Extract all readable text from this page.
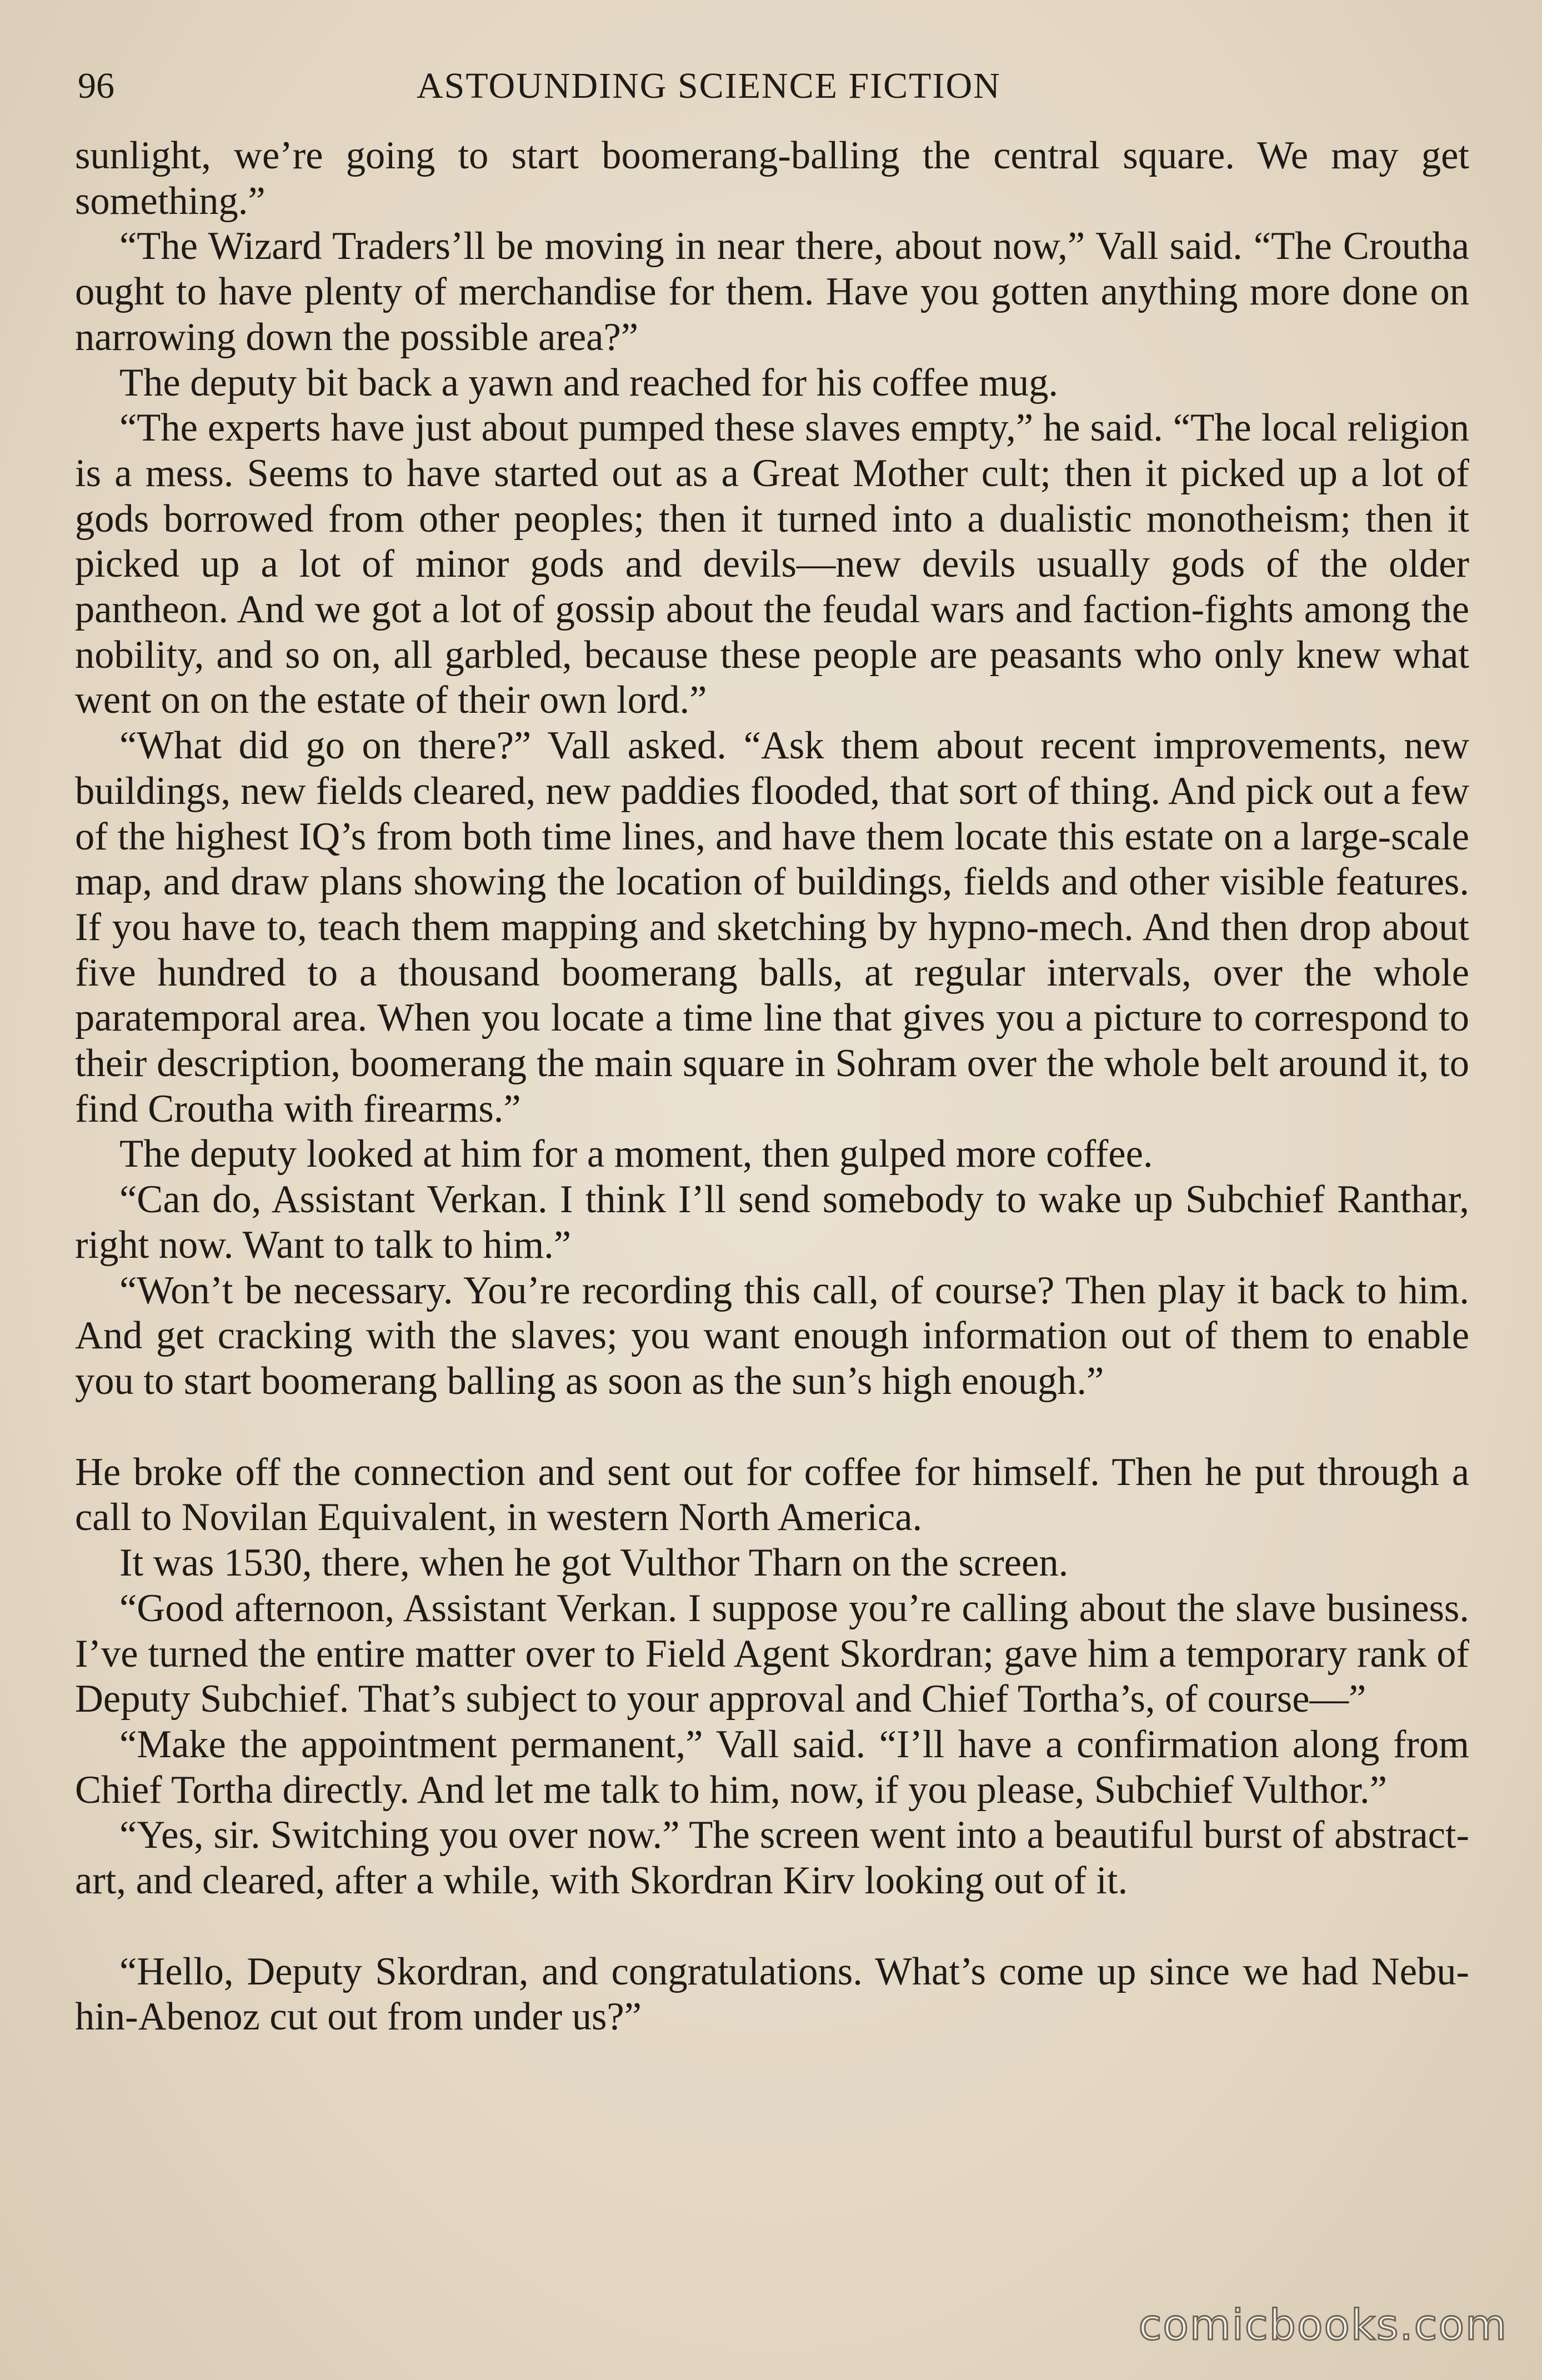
96	ASTOUNDING SCIENCE FICTION

sunlight, we’re going to start boomerang-balling the central square. We may get something.”

“The Wizard Traders’ll be moving in near there, about now,” Vall said. “The Croutha ought to have plenty of merchandise for them. Have you gotten anything more done on narrowing down the possible area?”

The deputy bit back a yawn and reached for his coffee mug.

“The experts have just about pumped these slaves empty,” he said. “The local religion is a mess. Seems to have started out as a Great Mother cult; then it picked up a lot of gods borrowed from other peoples; then it turned into a dualistic monotheism; then it picked up a lot of minor gods and devils—new devils usually gods of the older pantheon. And we got a lot of gossip about the feudal wars and faction-fights among the nobility, and so on, all garbled, because these people are peasants who only knew what went on on the estate of their own lord.”

“What did go on there?” Vall asked. “Ask them about recent improvements, new buildings, new fields cleared, new paddies flooded, that sort of thing. And pick out a few of the highest IQ’s from both time lines, and have them locate this estate on a large-scale map, and draw plans showing the location of buildings, fields and other visible features. If you have to, teach them mapping and sketching by hypno-mech. And then drop about five hundred to a thousand boomerang balls, at regular intervals, over the whole paratemporal area. When you locate a time line that gives you a picture to correspond to their description, boomerang the main square in Sohram over the whole belt around it, to find Croutha with firearms.”

The deputy looked at him for a moment, then gulped more coffee.

“Can do, Assistant Verkan. I think I’ll send somebody to wake up Subchief Ranthar, right now. Want to talk to him.”

“Won’t be necessary. You’re recording this call, of course? Then play it back to him. And get cracking with the slaves; you want enough information out of them to enable you to start boomerang balling as soon as the sun’s high enough.”

He broke off the connection and sent out for coffee for himself. Then he put through a call to Novilan Equivalent, in western North America.

It was 1530, there, when he got Vulthor Tharn on the screen.

“Good afternoon, Assistant Verkan. I suppose you’re calling about the slave business. I’ve turned the entire matter over to Field Agent Skordran; gave him a temporary rank of Deputy Subchief. That’s subject to your approval and Chief Tortha’s, of course—”

“Make the appointment permanent,” Vall said. “I’ll have a confirmation along from Chief Tortha directly. And let me talk to him, now, if you please, Subchief Vulthor.”

“Yes, sir. Switching you over now.” The screen went into a beautiful burst of abstract-art, and cleared, after a while, with Skordran Kirv looking out of it.

“Hello, Deputy Skordran, and congratulations. What’s come up since we had Nebu-hin-Abenoz cut out from under us?”

comicbooks.com
